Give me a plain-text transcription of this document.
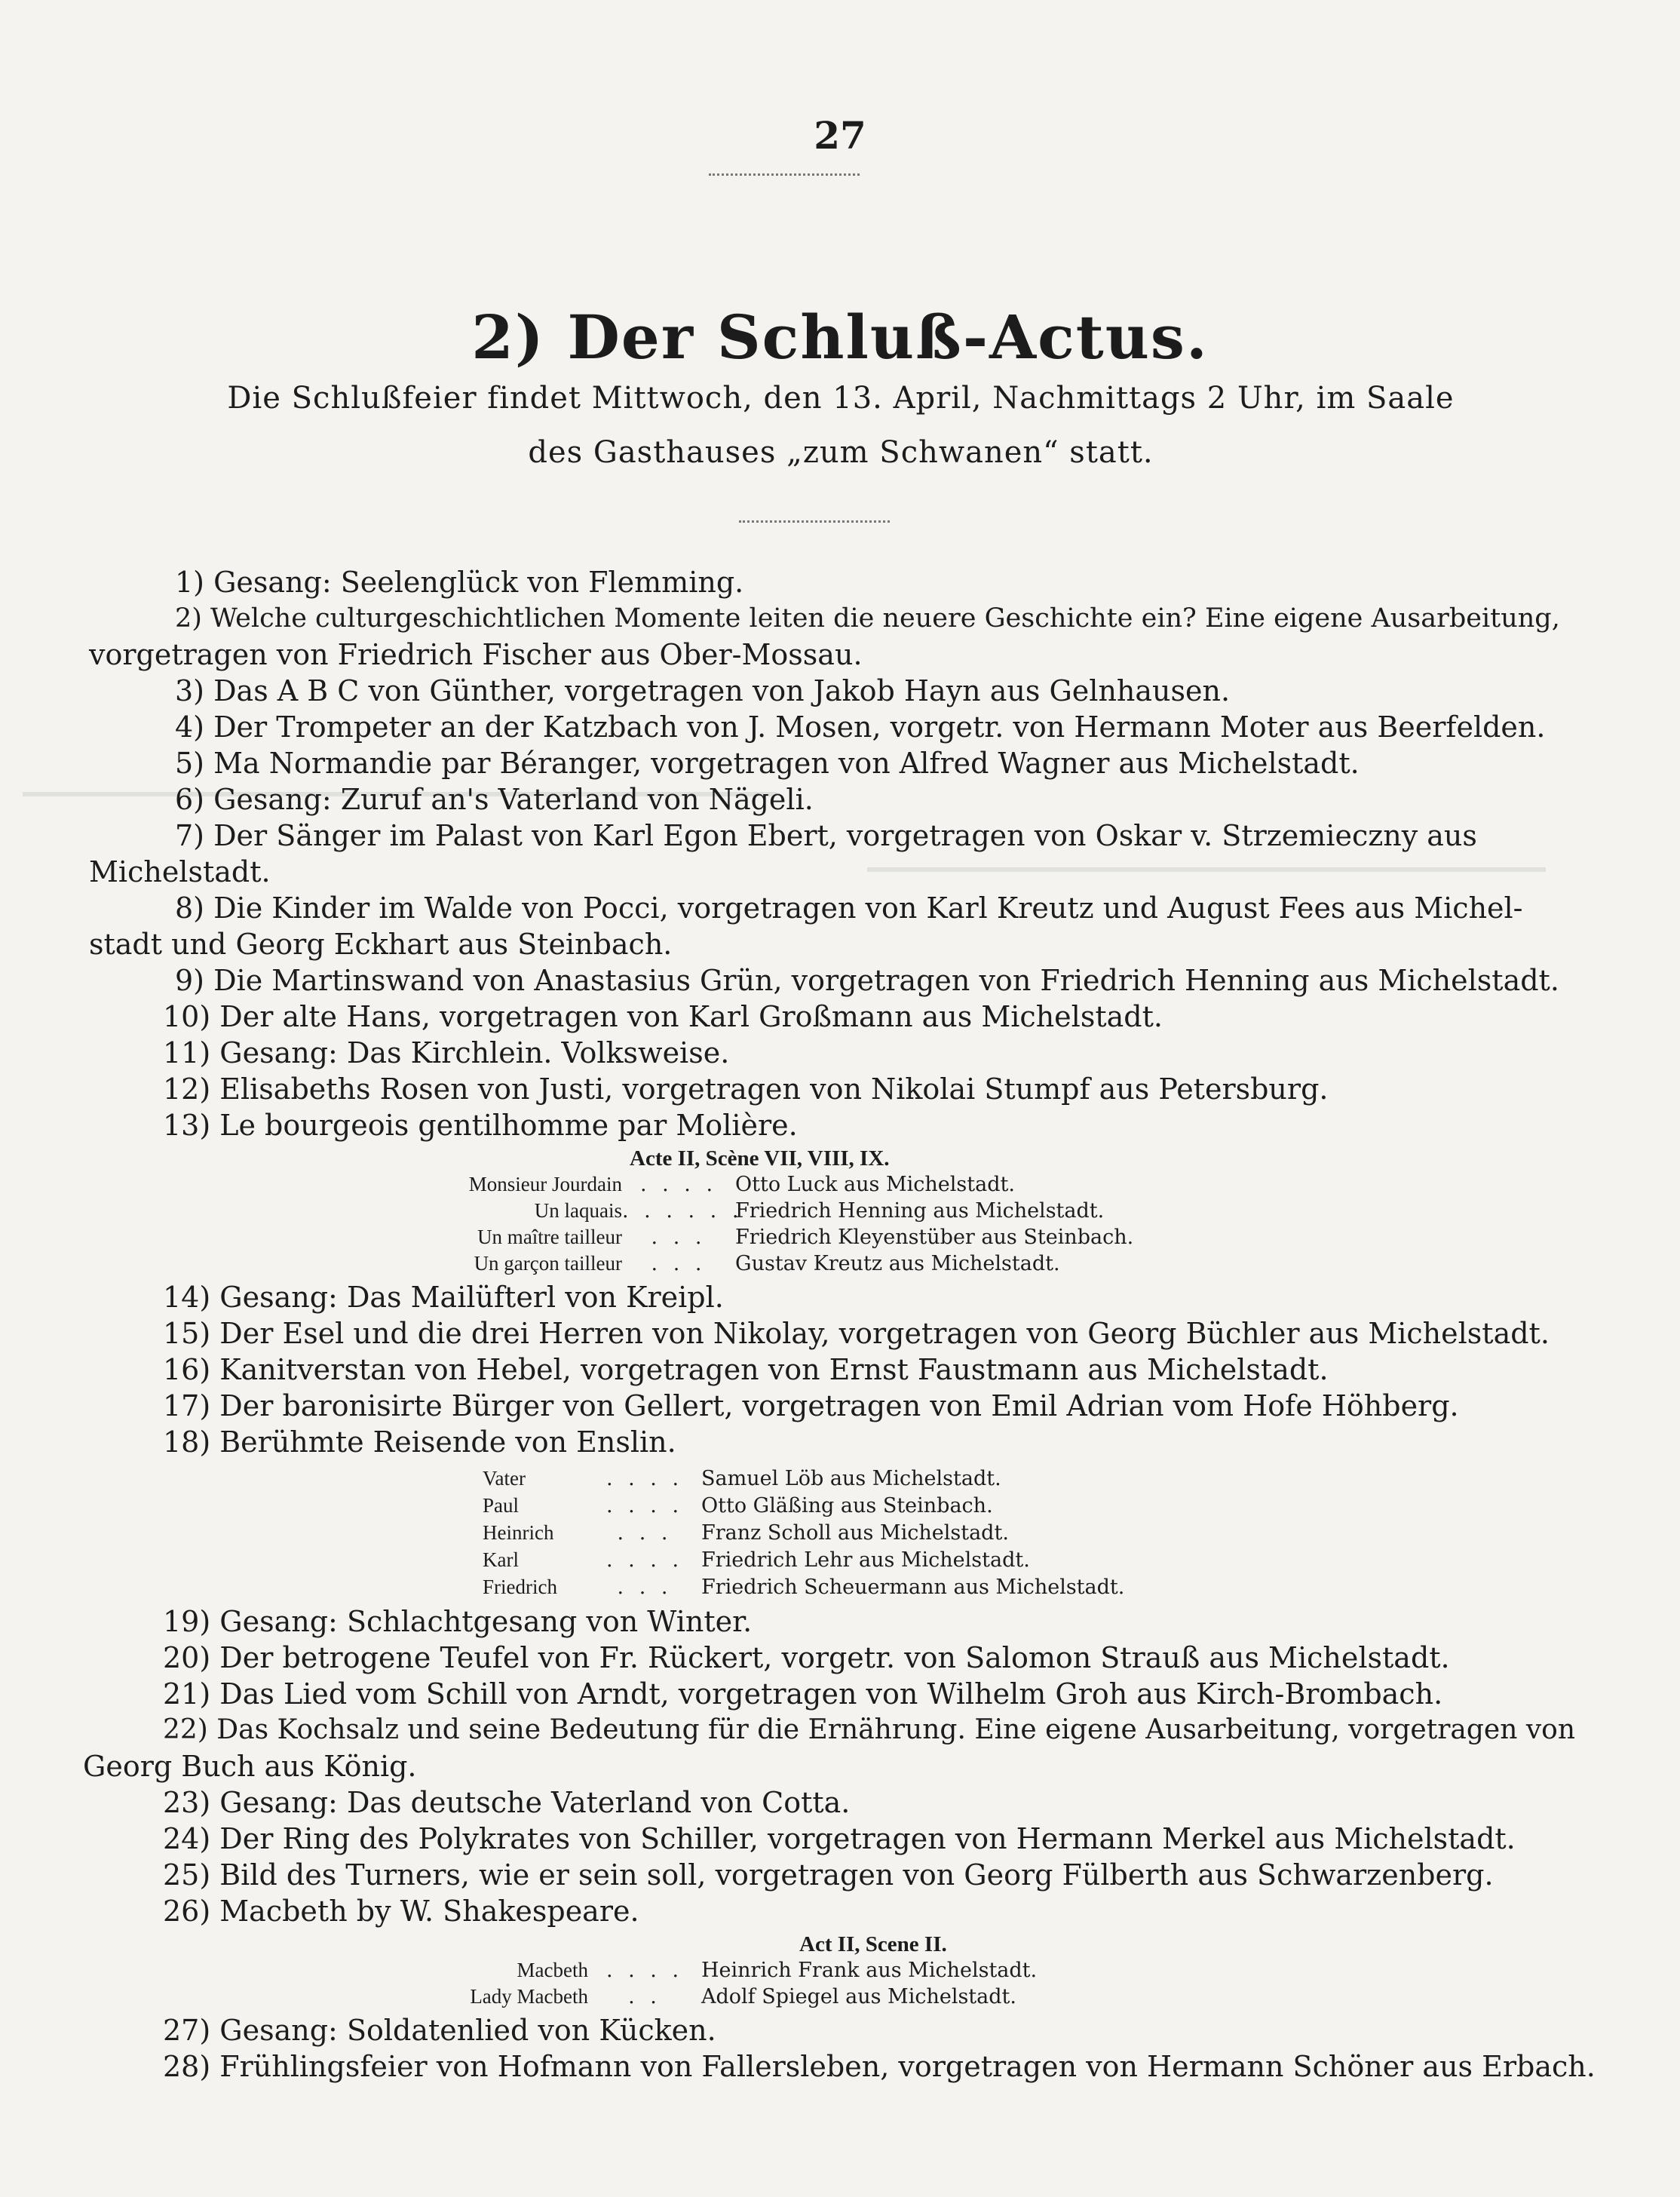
27
2) Der Schluß-Actus.
Die Schlußfeier findet Mittwoch, den 13. April, Nachmittags 2 Uhr, im Saale
des Gasthauses „zum Schwanen“ statt.
1) Gesang: Seelenglück von Flemming.
2) Welche culturgeschichtlichen Momente leiten die neuere Geschichte ein? Eine eigene Ausarbeitung,
vorgetragen von Friedrich Fischer aus Ober-Mossau.
3) Das A B C von Günther, vorgetragen von Jakob Hayn aus Gelnhausen.
4) Der Trompeter an der Katzbach von J. Mosen, vorgetr. von Hermann Moter aus Beerfelden.
5) Ma Normandie par Béranger, vorgetragen von Alfred Wagner aus Michelstadt.
6) Gesang: Zuruf an's Vaterland von Nägeli.
7) Der Sänger im Palast von Karl Egon Ebert, vorgetragen von Oskar v. Strzemieczny aus
Michelstadt.
8) Die Kinder im Walde von Pocci, vorgetragen von Karl Kreutz und August Fees aus Michel-
stadt und Georg Eckhart aus Steinbach.
9) Die Martinswand von Anastasius Grün, vorgetragen von Friedrich Henning aus Michelstadt.
10) Der alte Hans, vorgetragen von Karl Großmann aus Michelstadt.
11) Gesang: Das Kirchlein. Volksweise.
12) Elisabeths Rosen von Justi, vorgetragen von Nikolai Stumpf aus Petersburg.
13) Le bourgeois gentilhomme par Molière.
Acte II, Scène VII, VIII, IX.
Monsieur Jourdain . . . . Otto Luck aus Michelstadt.
Un laquais. . . . . .Friedrich Henning aus Michelstadt.
Un maître tailleur . . . Friedrich Kleyenstüber aus Steinbach.
Un garçon tailleur . . . Gustav Kreutz aus Michelstadt.
14) Gesang: Das Mailüfterl von Kreipl.
15) Der Esel und die drei Herren von Nikolay, vorgetragen von Georg Büchler aus Michelstadt.
16) Kanitverstan von Hebel, vorgetragen von Ernst Faustmann aus Michelstadt.
17) Der baronisirte Bürger von Gellert, vorgetragen von Emil Adrian vom Hofe Höhberg.
18) Berühmte Reisende von Enslin.
Vater	. . . . Samuel Löb aus Michelstadt.
Paul	. . . . Otto Gläßing aus Steinbach.
Heinrich	. . . Franz Scholl aus Michelstadt.
Karl	. . . . Friedrich Lehr aus Michelstadt.
Friedrich	. . . Friedrich Scheuermann aus Michelstadt.
19) Gesang: Schlachtgesang von Winter.
20) Der betrogene Teufel von Fr. Rückert, vorgetr. von Salomon Strauß aus Michelstadt.
21) Das Lied vom Schill von Arndt, vorgetragen von Wilhelm Groh aus Kirch-Brombach.
22) Das Kochsalz und seine Bedeutung für die Ernährung. Eine eigene Ausarbeitung, vorgetragen von
Georg Buch aus König.
23) Gesang: Das deutsche Vaterland von Cotta.
24) Der Ring des Polykrates von Schiller, vorgetragen von Hermann Merkel aus Michelstadt.
25) Bild des Turners, wie er sein soll, vorgetragen von Georg Fülberth aus Schwarzenberg.
26) Macbeth by W. Shakespeare.
Act II, Scene II.
Macbeth . . . . Heinrich Frank aus Michelstadt.
Lady Macbeth . . Adolf Spiegel aus Michelstadt.
27) Gesang: Soldatenlied von Kücken.
28) Frühlingsfeier von Hofmann von Fallersleben, vorgetragen von Hermann Schöner aus Erbach.
